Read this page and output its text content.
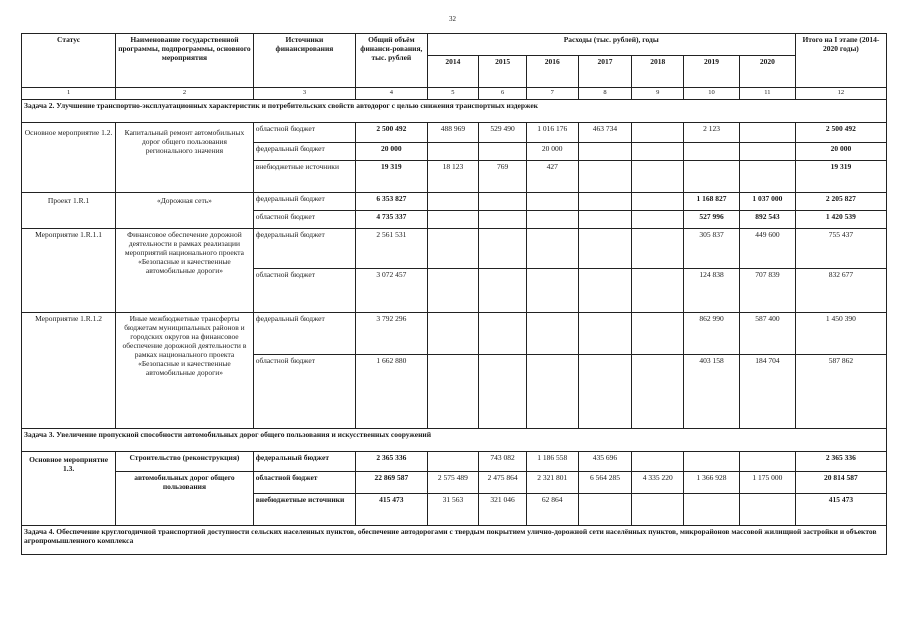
32
Статус	Наименование государственной программы, подпрограммы, основного мероприятия	Источники финансирования	Общий объём финанси-рования, тыс. рублей	Расходы (тыс. рублей), годы							Итого на I этапе (2014-2020 годы)
				2014	2015	2016	2017	2018	2019	2020	
1	2	3	4	5	6	7	8	9	10	11	12
Задача 2. Улучшение транспортно-эксплуатационных характеристик и потребительских свойств автодорог с целью снижения транспортных издержек											
Основное мероприятие 1.2.	Капитальный ремонт автомобильных дорог общего пользования регионального значения	областной бюджет	2 500 492	488 969	529 490	1 016 176	463 734		2 123		2 500 492
		федеральный бюджет	20 000			20 000					20 000
		внебюджетные источники	19 319	18 123	769	427					19 319
Проект 1.R.1	«Дорожная сеть»	федеральный бюджет	6 353 827						1 168 827	1 037 000	2 205 827
		областной бюджет	4 735 337						527 996	892 543	1 420 539
Мероприятие 1.R.1.1	Финансовое обеспечение дорожной деятельности в рамках реализации мероприятий национального проекта «Безопасные и качественные автомобильные дороги»	федеральный бюджет	2 561 531						305 837	449 600	755 437
		областной бюджет	3 072 457						124 838	707 839	832 677
Мероприятие 1.R.1.2	Иные межбюджетные трансферты бюджетам муниципальных районов и городских округов на финансовое обеспечение дорожной деятельности в рамках национального проекта «Безопасные и качественные автомобильные дороги»	федеральный бюджет	3 792 296						862 990	587 400	1 450 390
		областной бюджет	1 662 880						403 158	184 704	587 862
Задача 3. Увеличение пропускной способности автомобильных дорог общего пользования и искусственных сооружений											
Основное мероприятие 1.3.	Строительство (реконструкция)	федеральный бюджет	2 365 336		743 082	1 186 558	435 696				2 365 336
	автомобильных дорог общего пользования	областной бюджет	22 869 587	2 575 489	2 475 864	2 321 801	6 564 285	4 335 220	1 366 928	1 175 000	20 814 587
		внебюджетные источники	415 473	31 563	321 046	62 864					415 473
Задача 4. Обеспечение круглогодичной транспортной доступности сельских населенных пунктов, обеспечение автодорогами с твердым покрытием улично-дорожной сети населённых пунктов, микрорайонов массовой жилищной застройки и объектов агропромышленного комплекса											
